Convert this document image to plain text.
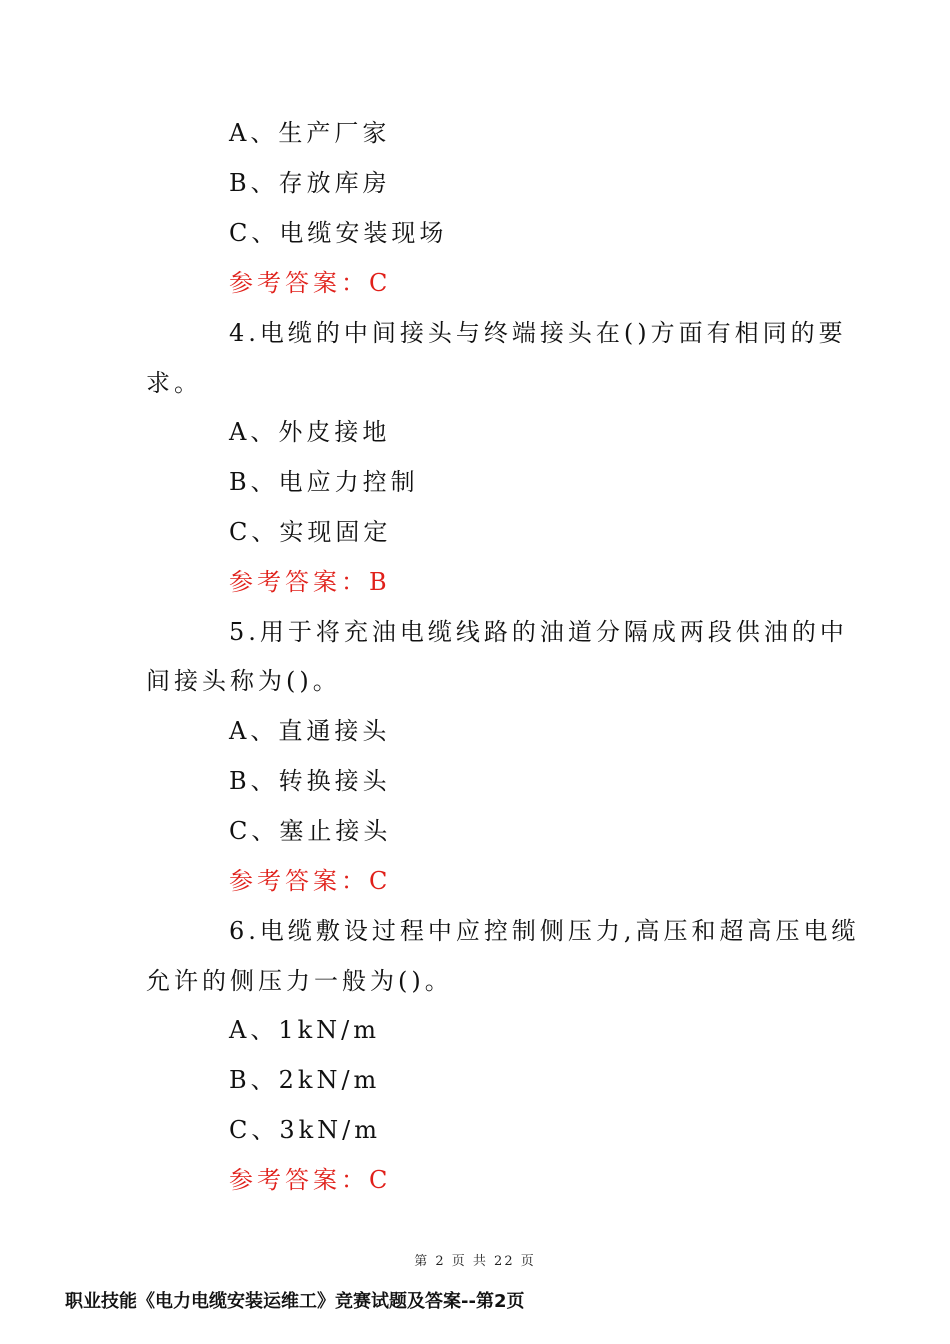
A、生产厂家
B、存放库房
C、电缆安装现场
参考答案：C
4.电缆的中间接头与终端接头在()方面有相同的要
求。
A、外皮接地
B、电应力控制
C、实现固定
参考答案：B
5.用于将充油电缆线路的油道分隔成两段供油的中
间接头称为()。
A、直通接头
B、转换接头
C、塞止接头
参考答案：C
6.电缆敷设过程中应控制侧压力,高压和超高压电缆
允许的侧压力一般为()。
A、1kN/m
B、2kN/m
C、3kN/m
参考答案：C
第 2 页 共 22 页
职业技能《电力电缆安装运维工》竞赛试题及答案--第2页
